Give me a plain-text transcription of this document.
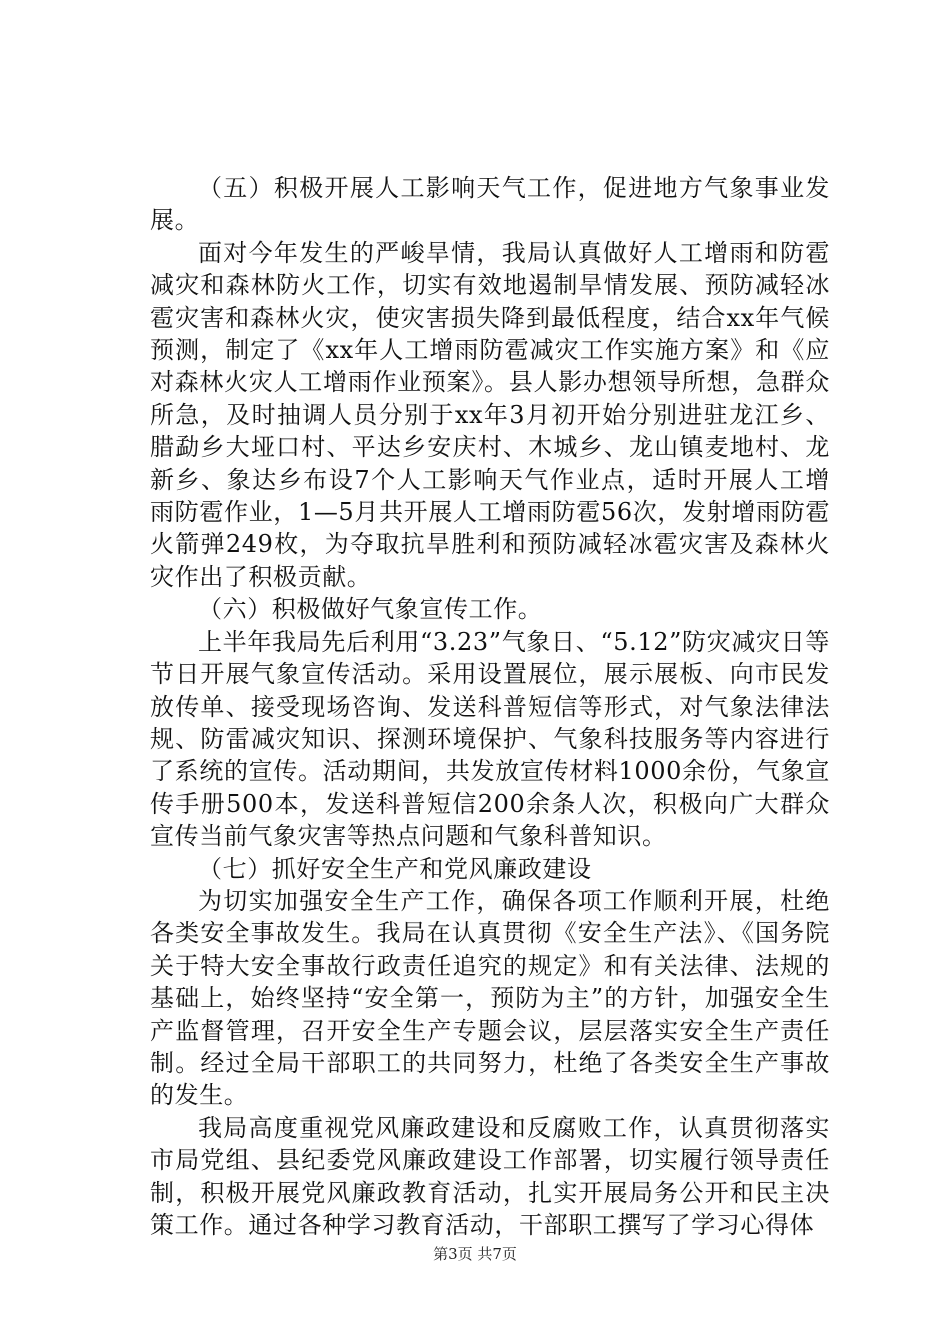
（五）积极开展人工影响天气工作，促进地方气象事业发展。

面对今年发生的严峻旱情，我局认真做好人工增雨和防雹减灾和森林防火工作，切实有效地遏制旱情发展、预防减轻冰雹灾害和森林火灾，使灾害损失降到最低程度，结合xx年气候预测，制定了《xx年人工增雨防雹减灾工作实施方案》和《应对森林火灾人工增雨作业预案》。县人影办想领导所想，急群众所急，及时抽调人员分别于xx年3月初开始分别进驻龙江乡、腊勐乡大垭口村、平达乡安庆村、木城乡、龙山镇麦地村、龙新乡、象达乡布设7个人工影响天气作业点，适时开展人工增雨防雹作业，1—5月共开展人工增雨防雹56次，发射增雨防雹火箭弹249枚，为夺取抗旱胜利和预防减轻冰雹灾害及森林火灾作出了积极贡献。

（六）积极做好气象宣传工作。

上半年我局先后利用“3.23”气象日、“5.12”防灾减灾日等节日开展气象宣传活动。采用设置展位，展示展板、向市民发放传单、接受现场咨询、发送科普短信等形式，对气象法律法规、防雷减灾知识、探测环境保护、气象科技服务等内容进行了系统的宣传。活动期间，共发放宣传材料1000余份，气象宣传手册500本，发送科普短信200余条人次，积极向广大群众宣传当前气象灾害等热点问题和气象科普知识。

（七）抓好安全生产和党风廉政建设

为切实加强安全生产工作，确保各项工作顺利开展，杜绝各类安全事故发生。我局在认真贯彻《安全生产法》、《国务院关于特大安全事故行政责任追究的规定》和有关法律、法规的基础上，始终坚持“安全第一，预防为主”的方针，加强安全生产监督管理，召开安全生产专题会议，层层落实安全生产责任制。经过全局干部职工的共同努力，杜绝了各类安全生产事故的发生。

我局高度重视党风廉政建设和反腐败工作，认真贯彻落实市局党组、县纪委党风廉政建设工作部署，切实履行领导责任制，积极开展党风廉政教育活动，扎实开展局务公开和民主决策工作。通过各种学习教育活动，干部职工撰写了学习心得体

第3页 共7页
